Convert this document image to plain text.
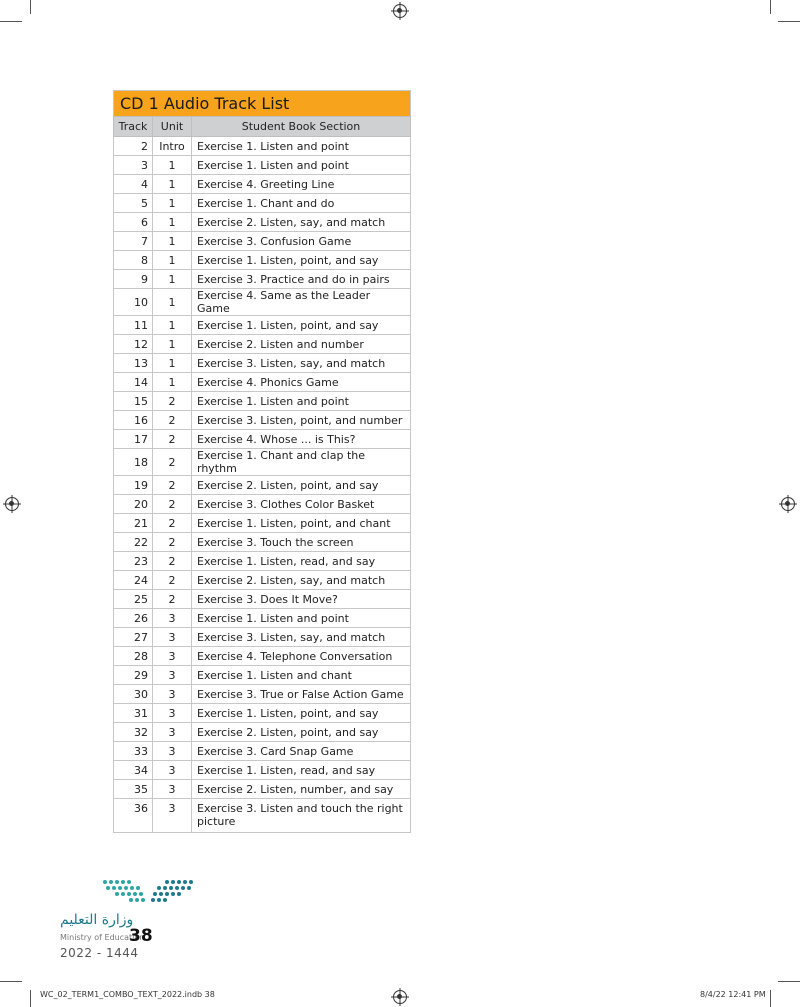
CD 1 Audio Track List
Track	Unit	Student Book Section
2	Intro	Exercise 1. Listen and point
3	1	Exercise 1. Listen and point
4	1	Exercise 4. Greeting Line
5	1	Exercise 1. Chant and do
6	1	Exercise 2. Listen, say, and match
7	1	Exercise 3. Confusion Game
8	1	Exercise 1. Listen, point, and say
9	1	Exercise 3. Practice and do in pairs
10	1	Exercise 4. Same as the Leader Game
11	1	Exercise 1. Listen, point, and say
12	1	Exercise 2. Listen and number
13	1	Exercise 3. Listen, say, and match
14	1	Exercise 4. Phonics Game
15	2	Exercise 1. Listen and point
16	2	Exercise 3. Listen, point, and number
17	2	Exercise 4. Whose ... is This?
18	2	Exercise 1. Chant and clap the rhythm
19	2	Exercise 2. Listen, point, and say
20	2	Exercise 3. Clothes Color Basket
21	2	Exercise 1. Listen, point, and chant
22	2	Exercise 3. Touch the screen
23	2	Exercise 1. Listen, read, and say
24	2	Exercise 2. Listen, say, and match
25	2	Exercise 3. Does It Move?
26	3	Exercise 1. Listen and point
27	3	Exercise 3. Listen, say, and match
28	3	Exercise 4. Telephone Conversation
29	3	Exercise 1. Listen and chant
30	3	Exercise 3. True or False Action Game
31	3	Exercise 1. Listen, point, and say
32	3	Exercise 2. Listen, point, and say
33	3	Exercise 3. Card Snap Game
34	3	Exercise 1. Listen, read, and say
35	3	Exercise 2. Listen, number, and say
36	3	Exercise 3. Listen and touch the right picture
وزارة التعليم
Ministry of Education
38
2022 - 1444
WC_02_TERM1_COMBO_TEXT_2022.indb 38	8/4/22 12:41 PM
